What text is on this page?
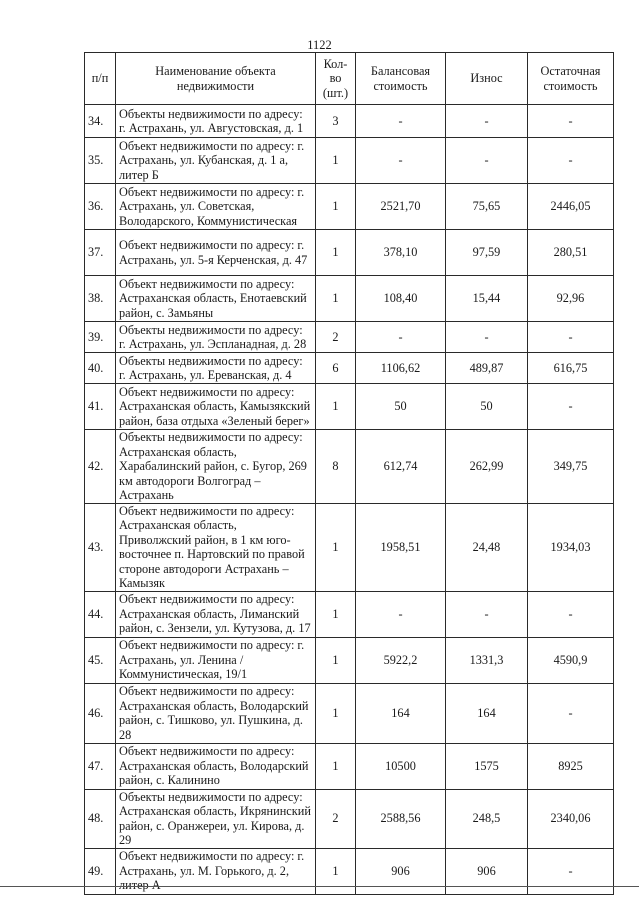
1122
п/п	Наименование объекта недвижимости	Кол-во (шт.)	Балансовая стоимость	Износ	Остаточная стоимость
34.	Объекты недвижимости по адресу: г. Астрахань, ул. Августовская, д. 1	3	-	-	-
35.	Объект недвижимости по адресу: г. Астрахань, ул. Кубанская, д. 1 а, литер Б	1	-	-	-
36.	Объект недвижимости по адресу: г. Астрахань, ул. Советская, Володарского, Коммунистическая	1	2521,70	75,65	2446,05
37.	Объект недвижимости по адресу: г. Астрахань, ул. 5-я Керченская, д. 47	1	378,10	97,59	280,51
38.	Объект недвижимости по адресу: Астраханская область, Енотаевский район, с. Замьяны	1	108,40	15,44	92,96
39.	Объекты недвижимости по адресу: г. Астрахань, ул. Эспланадная, д. 28	2	-	-	-
40.	Объекты недвижимости по адресу: г. Астрахань, ул. Ереванская, д. 4	6	1106,62	489,87	616,75
41.	Объект недвижимости по адресу: Астраханская область, Камызякский район, база отдыха «Зеленый берег»	1	50	50	-
42.	Объекты недвижимости по адресу: Астраханская область, Харабалинский район, с. Бугор, 269 км автодороги Волгоград – Астрахань	8	612,74	262,99	349,75
43.	Объект недвижимости по адресу: Астраханская область, Приволжский район, в 1 км юго-восточнее п. Нартовский по правой стороне автодороги Астрахань – Камызяк	1	1958,51	24,48	1934,03
44.	Объект недвижимости по адресу: Астраханская область, Лиманский район, с. Зензели, ул. Кутузова, д. 17	1	-	-	-
45.	Объект недвижимости по адресу: г. Астрахань, ул. Ленина / Коммунистическая, 19/1	1	5922,2	1331,3	4590,9
46.	Объект недвижимости по адресу: Астраханская область, Володарский район, с. Тишково, ул. Пушкина, д. 28	1	164	164	-
47.	Объект недвижимости по адресу: Астраханская область, Володарский район, с. Калинино	1	10500	1575	8925
48.	Объекты недвижимости по адресу: Астраханская область, Икрянинский район, с. Оранжереи, ул. Кирова, д. 29	2	2588,56	248,5	2340,06
49.	Объект недвижимости по адресу: г. Астрахань, ул. М. Горького, д. 2, литер А	1	906	906	-
